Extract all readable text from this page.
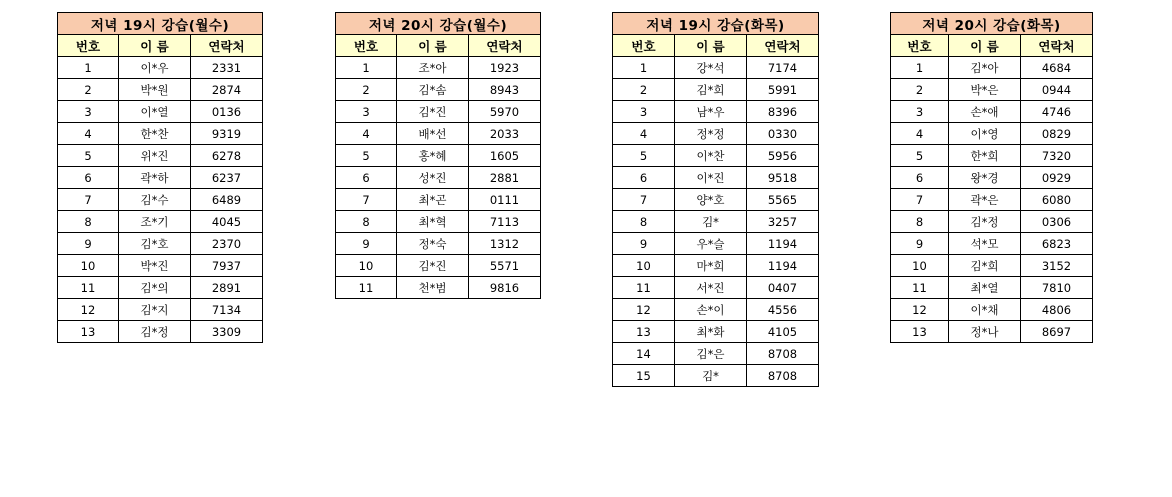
저녁 19시 강습(월수)		
번호	이 름	연락처
1	이*우	2331
2	박*원	2874
3	이*열	0136
4	한*찬	9319
5	위*진	6278
6	곽*하	6237
7	김*수	6489
8	조*기	4045
9	김*호	2370
10	박*진	7937
11	김*의	2891
12	김*지	7134
13	김*정	3309
저녁 20시 강습(월수)		
번호	이 름	연락처
1	조*아	1923
2	김*솜	8943
3	김*진	5970
4	배*선	2033
5	홍*혜	1605
6	성*진	2881
7	최*곤	0111
8	최*혁	7113
9	정*숙	1312
10	김*진	5571
11	천*범	9816
저녁 19시 강습(화목)		
번호	이 름	연락처
1	강*석	7174
2	김*희	5991
3	남*우	8396
4	정*정	0330
5	이*찬	5956
6	이*진	9518
7	양*호	5565
8	김*	3257
9	우*슬	1194
10	마*희	1194
11	서*진	0407
12	손*이	4556
13	최*화	4105
14	김*은	8708
15	김*	8708
저녁 20시 강습(화목)		
번호	이 름	연락처
1	김*아	4684
2	박*은	0944
3	손*애	4746
4	이*영	0829
5	한*희	7320
6	왕*경	0929
7	곽*은	6080
8	김*정	0306
9	석*모	6823
10	김*희	3152
11	최*열	7810
12	이*채	4806
13	정*나	8697
